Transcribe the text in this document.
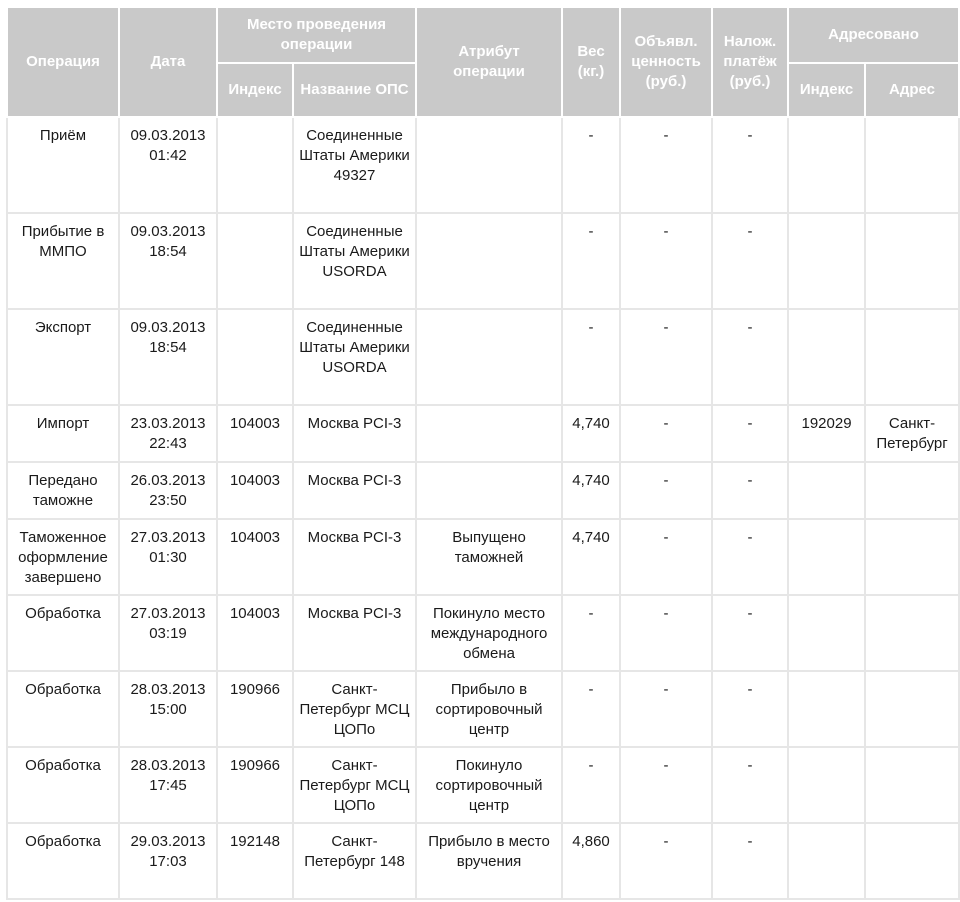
Операция	Дата	Место проведения операции		Атрибут операции	Вес (кг.)	Объявл. ценность (руб.)	Налож. платёж (руб.)	Адресовано	
		Индекс	Название ОПС					Индекс	Адрес
Приём	09.03.2013 01:42		Соединенные Штаты Америки 49327		-	-	-		
Прибытие в ММПО	09.03.2013 18:54		Соединенные Штаты Америки USORDA		-	-	-		
Экспорт	09.03.2013 18:54		Соединенные Штаты Америки USORDA		-	-	-		
Импорт	23.03.2013 22:43	104003	Москва PCI-3		4,740	-	-	192029	Санкт-Петербург
Передано таможне	26.03.2013 23:50	104003	Москва PCI-3		4,740	-	-		
Таможенное оформление завершено	27.03.2013 01:30	104003	Москва PCI-3	Выпущено таможней	4,740	-	-		
Обработка	27.03.2013 03:19	104003	Москва PCI-3	Покинуло место международного обмена	-	-	-		
Обработка	28.03.2013 15:00	190966	Санкт-Петербург МСЦ ЦОПо	Прибыло в сортировочный центр	-	-	-		
Обработка	28.03.2013 17:45	190966	Санкт-Петербург МСЦ ЦОПо	Покинуло сортировочный центр	-	-	-		
Обработка	29.03.2013 17:03	192148	Санкт-Петербург 148	Прибыло в место вручения	4,860	-	-		
